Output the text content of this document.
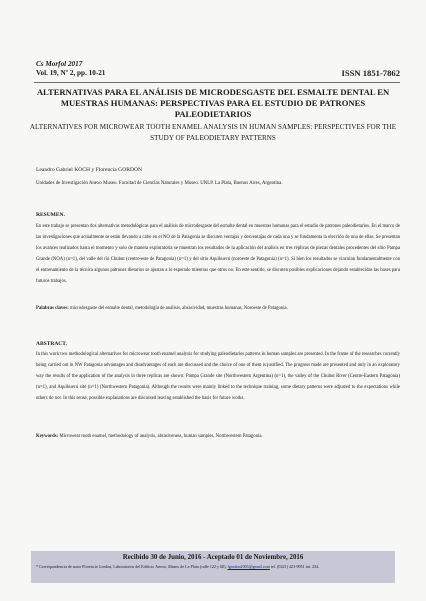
Cs Morfol 2017
Vol. 19, Nº 2, pp. 10-21	ISSN 1851-7862
ALTERNATIVAS PARA EL ANÁLISIS DE MICRODESGASTE DEL ESMALTE DENTAL EN MUESTRAS HUMANAS: PERSPECTIVAS PARA EL ESTUDIO DE PATRONES PALEODIETARIOS
ALTERNATIVES FOR MICROWEAR TOOTH ENAMEL ANALYSIS IN HUMAN SAMPLES: PERSPECTIVES FOR THE STUDY OF PALEODIETARY PATTERNS
Leandro Gabriel KOCH y Florencia GORDON
Unidades de Investigación Anexo Museo. Facultad de Ciencias Naturales y Museo. UNLP. La Plata, Buenos Aires, Argentina.
RESUMEN.
En este trabajo se presentan dos alternativas metodológicas para el análisis de microdesgaste del esmalte dental en muestras humanas para el estudio de patrones paleodietarios. En el marco de las investigaciones que actualmente se están llevando a cabo en el NO de la Patagonia se discuten ventajas y desventajas de cada una y se fundamenta la elección de una de ellas. Se presentan los avances realizados hasta el momento y solo de manera exploratoria se muestran los resultados de la aplicación del análisis en tres réplicas de piezas dentales procedentes del sitio Pampa Grande (NOA) (n=1), del valle del río Chubut (centro-este de Patagonia) (n=1) y del sitio Aquihuecó (noroeste de Patagonia) (n=1). Si bien los resultados se vinculan fundamentalmente con el entrenamiento de la técnica algunos patrones dietarios se ajustan a lo esperado mientras que otros no. En este sentido, se discuten posibles explicaciones dejando establecidas las bases para futuros trabajos.
Palabras claves: microdesgaste del esmalte dental, metodología de análisis, abrasividad, muestras humanas, Noroeste de Patagonia.
ABSTRACT.
In this work two methodological alternatives for microwear tooth enamel analysis for studying paleodietaries patterns in human samples are presented. In the frame of the researches currently being carried out in NW Patagonia advantages and disadvantages of each are discussed and the choice of one of them is justified. The progress made are presented and only in an exploratory way the results of the application of the analysis in three replicas are shown: Pampa Grande site (Northwestern Argentina) (n=1), the valley of the Chubut River (Centre-Eastern Patagonia) (n=1), and Aquihuecó site (n=1) (Northwestern Patagonia). Although the results were mainly linked to the technique training, some dietary patterns were adjusted to the expectations while others do not. In this sense, possible explanations are discussed leaving established the basis for future works.
Keywords: Microwear tooth enamel, methodology of analysis, abrasiveness, human samples, Northwestern Patagonia.
Recibido 30 de Junio, 2016 - Aceptado 01 de Noviembre, 2016
* Correspondencia de autor Florencia Gordon, Laboratorios del Edificio Anexo, Museo de La Plata (calle 122 y 60), fgordon2005@gmail.com tel. (0221) 423-9951 int. 234.
